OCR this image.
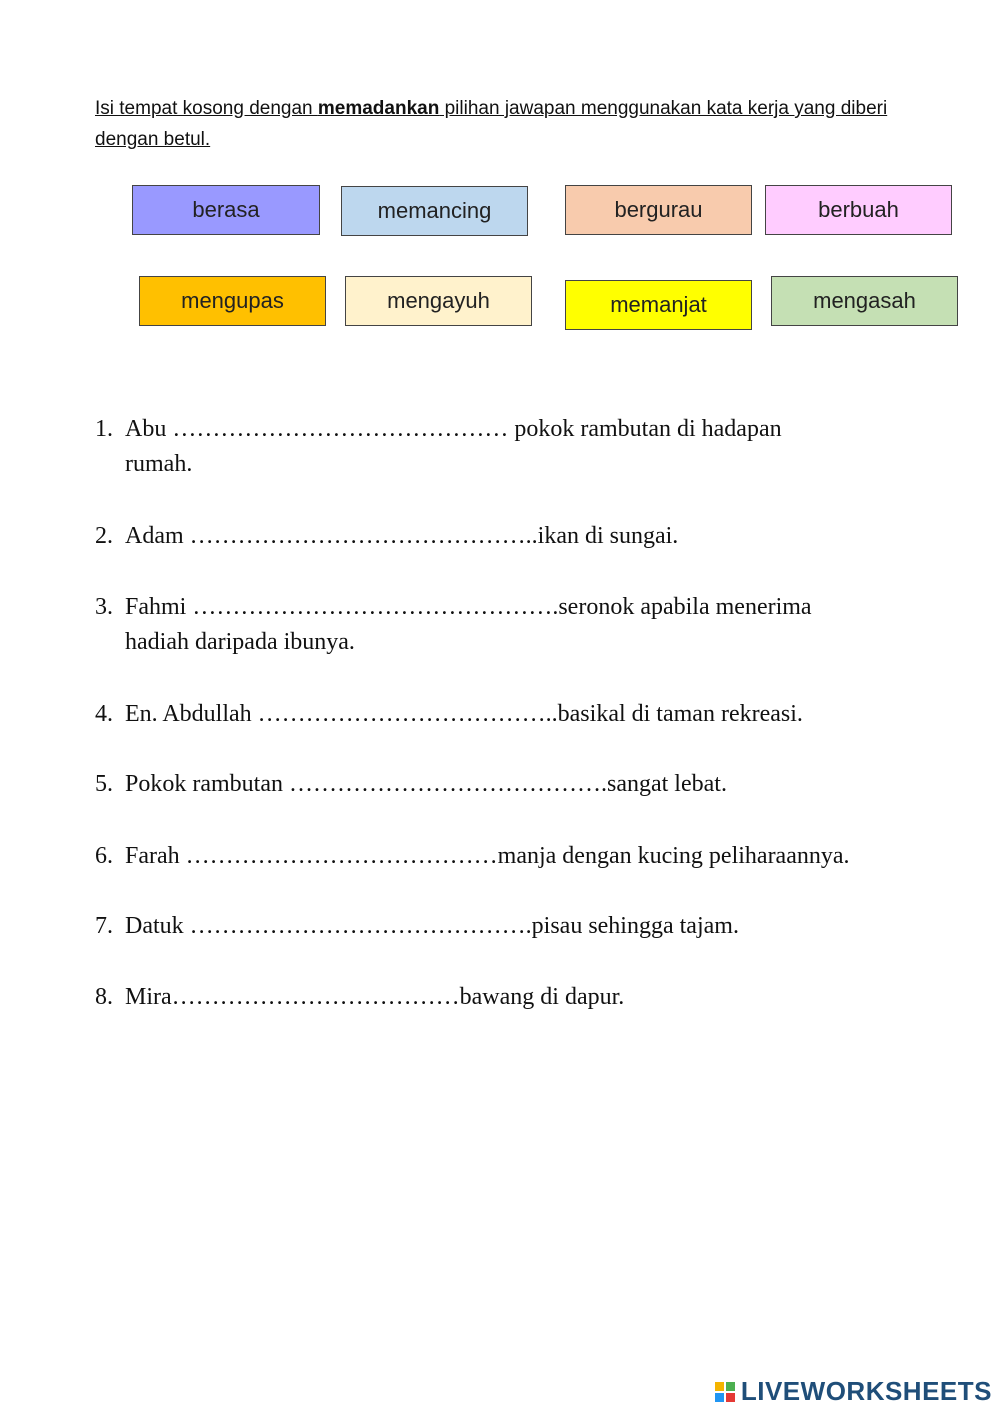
Isi tempat kosong dengan memadankan pilihan jawapan menggunakan kata kerja yang diberi dengan betul.
berasa	memancing	bergurau	berbuah
mengupas	mengayuh	memanjat	mengasah
1. Abu …………………………………… pokok rambutan di hadapan
rumah.
2. Adam ……………………………………..ikan di sungai.
3. Fahmi ……………………………………….seronok apabila menerima
hadiah daripada ibunya.
4. En. Abdullah ………………………………..basikal di taman rekreasi.
5. Pokok rambutan ………………………………….sangat lebat.
6. Farah …………………………………manja dengan kucing peliharaannya.
7. Datuk …………………………………….pisau sehingga tajam.
8. Mira………………………………bawang di dapur.
LIVEWORKSHEETS
